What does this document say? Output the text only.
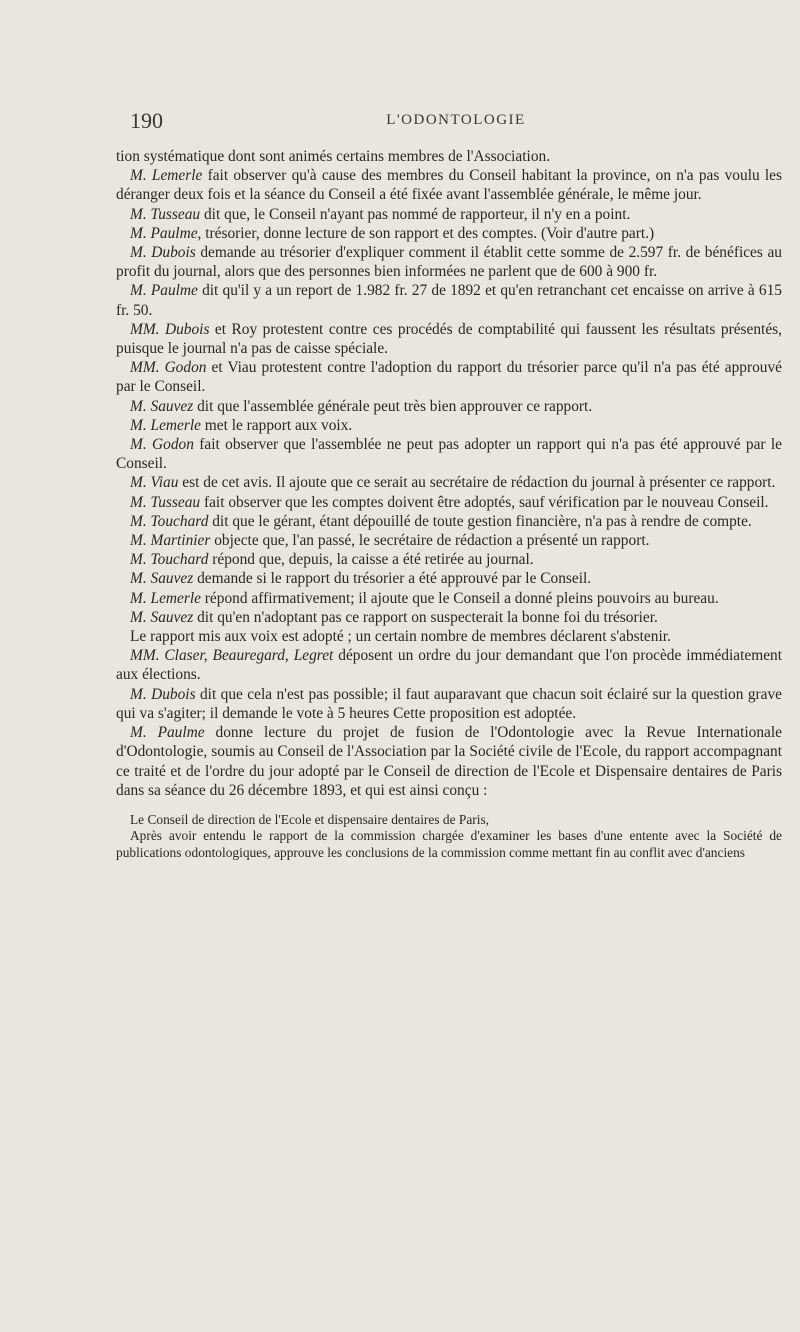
190	L'ODONTOLOGIE

tion systématique dont sont animés certains membres de l'Association.

M. Lemerle fait observer qu'à cause des membres du Conseil habitant la province, on n'a pas voulu les déranger deux fois et la séance du Conseil a été fixée avant l'assemblée générale, le même jour.

M. Tusseau dit que, le Conseil n'ayant pas nommé de rapporteur, il n'y en a point.

M. Paulme, trésorier, donne lecture de son rapport et des comptes. (Voir d'autre part.)

M. Dubois demande au trésorier d'expliquer comment il établit cette somme de 2.597 fr. de bénéfices au profit du journal, alors que des personnes bien informées ne parlent que de 600 à 900 fr.

M. Paulme dit qu'il y a un report de 1.982 fr. 27 de 1892 et qu'en retranchant cet encaisse on arrive à 615 fr. 50.

MM. Dubois et Roy protestent contre ces procédés de comptabilité qui faussent les résultats présentés, puisque le journal n'a pas de caisse spéciale.

MM. Godon et Viau protestent contre l'adoption du rapport du trésorier parce qu'il n'a pas été approuvé par le Conseil.

M. Sauvez dit que l'assemblée générale peut très bien approuver ce rapport.

M. Lemerle met le rapport aux voix.

M. Godon fait observer que l'assemblée ne peut pas adopter un rapport qui n'a pas été approuvé par le Conseil.

M. Viau est de cet avis. Il ajoute que ce serait au secrétaire de rédaction du journal à présenter ce rapport.

M. Tusseau fait observer que les comptes doivent être adoptés, sauf vérification par le nouveau Conseil.

M. Touchard dit que le gérant, étant dépouillé de toute gestion financière, n'a pas à rendre de compte.

M. Martinier objecte que, l'an passé, le secrétaire de rédaction a présenté un rapport.

M. Touchard répond que, depuis, la caisse a été retirée au journal.

M. Sauvez demande si le rapport du trésorier a été approuvé par le Conseil.

M. Lemerle répond affirmativement; il ajoute que le Conseil a donné pleins pouvoirs au bureau.

M. Sauvez dit qu'en n'adoptant pas ce rapport on suspecterait la bonne foi du trésorier.

Le rapport mis aux voix est adopté ; un certain nombre de membres déclarent s'abstenir.

MM. Claser, Beauregard, Legret déposent un ordre du jour demandant que l'on procède immédiatement aux élections.

M. Dubois dit que cela n'est pas possible; il faut auparavant que chacun soit éclairé sur la question grave qui va s'agiter; il demande le vote à 5 heures Cette proposition est adoptée.

M. Paulme donne lecture du projet de fusion de l'Odontologie avec la Revue Internationale d'Odontologie, soumis au Conseil de l'Association par la Société civile de l'Ecole, du rapport accompagnant ce traité et de l'ordre du jour adopté par le Conseil de direction de l'Ecole et Dispensaire dentaires de Paris dans sa séance du 26 décembre 1893, et qui est ainsi conçu :

Le Conseil de direction de l'Ecole et dispensaire dentaires de Paris,

Après avoir entendu le rapport de la commission chargée d'examiner les bases d'une entente avec la Société de publications odontologiques, approuve les conclusions de la commission comme mettant fin au conflit avec d'anciens
